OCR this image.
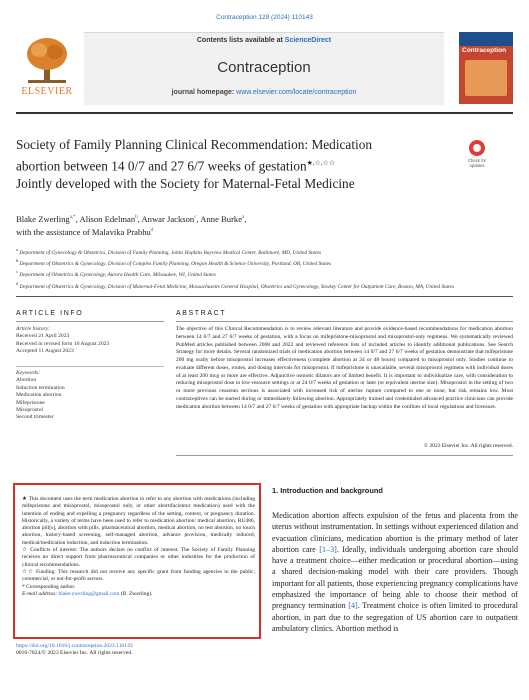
Contraception 129 (2024) 110143
ELSEVIER
Contents lists available at ScienceDirect
Contraception
journal homepage: www.elsevier.com/locate/contraception
Contraception
Society of Family Planning Clinical Recommendation: Medication
abortion between 14 0/7 and 27 6/7 weeks of gestation★,☆,☆☆
Jointly developed with the Society for Maternal-Fetal Medicine
Check for updates
Blake Zwerling$^{a,*}$, Alison Edelman$^b$, Anwar Jackson$^c$, Anne Burke$^a$,
with the assistance of Malavika Prabhu$^d$
$^a$ Department of Gynecology & Obstetrics, Division of Family Planning, Johns Hopkins Bayview Medical Center, Baltimore, MD, United States
$^b$ Department of Obstetrics & Gynecology, Division of Complex Family Planning, Oregon Health & Science University, Portland, OR, United States
$^c$ Department of Obstetrics & Gynecology, Aurora Health Care, Milwaukee, WI, United States
$^d$ Department of Obstetrics & Gynecology, Division of Maternal-Fetal Medicine, Massachusetts General Hospital, Obstetrics and Gynecology, Yawkey Center for Outpatient Care, Boston, MA, United States
ARTICLE INFO	ABSTRACT
Article history:
Received 21 April 2023
Received in revised form 10 August 2023
Accepted 11 August 2023
Keywords:
Abortion
Induction termination
Medication abortion
Mifepristone
Misoprostol
Second trimester
The objective of this Clinical Recommendation is to review relevant literature and provide evidence-based recommendations for medication abortion between 14 0/7 and 27 6/7 weeks of gestation, with a focus on mifepristone-misoprostol and misoprostol-only regimens. We systematically reviewed PubMed articles published between 2008 and 2022 and reviewed reference lists of included articles to identify additional publications. See Search Strategy for more details. Several randomized trials of medication abortion between 14 0/7 and 27 6/7 weeks of gestation demonstrate that mifepristone 200 mg orally before misoprostol increases effectiveness (complete abortion at 24 or 48 hours) compared to misoprostol only. Studies continue to evaluate different doses, routes, and dosing intervals for misoprostol. If mifepristone is unavailable, several misoprostol regimens with individual doses of at least 200 mcg or more are effective. Adjunctive osmotic dilators are of limited benefit. It is important to individualize care, with consideration to reducing misoprostol dose in low-resource settings or at 24 0/7 weeks of gestation or later (or equivalent uterine size). Misoprostol in the setting of two or more previous cesarean sections is associated with increased risk of uterine rupture compared to one or none, but risk remains low. Most contraceptives can be started during or immediately following abortion. Appropriately trained and credentialed advanced practice clinicians can provide medication abortion between 14 0/7 and 27 6/7 weeks of gestation with appropriate backup within the confines of local regulations and licensure.
© 2023 Elsevier Inc. All rights reserved.

★ This document uses the term medication abortion to refer to any abortion with medications (including mifepristone and misoprostol, misoprostol only, or other abortifacientor medication) used with the intention of ending and expelling a pregnancy regardless of the setting, context, or pregnancy duration. Historically, a variety of terms have been used to refer to medication abortion: medical abortion, RU486, abortion pill[s], abortion with pills, pharmaceutical abortion, medical abortion, no test abortion, no touch abortion, history-based screening, self-managed abortion, advance provision, medically induced, medical/medication induction, and induction termination.

☆ Conflicts of interest: The authors declare no conflict of interest. The Society of Family Planning receives no direct support from pharmaceutical companies or other industries for the production of clinical recommendations.

☆☆ Funding: This research did not receive any specific grant from funding agencies in the public, commercial, or not-for-profit sectors.

* Corresponding author.

E-mail address: blake.zwerling@gmail.com (B. Zwerling).

https://doi.org/10.1016/j.contraception.2023.110143
0010-7824/© 2023 Elsevier Inc. All rights reserved.
1. Introduction and background
Medication abortion affects expulsion of the fetus and placenta from the uterus without instrumentation. In settings without experienced dilation and evacuation clinicians, medication abortion is the primary method of later abortion care [1–3]. Ideally, individuals undergoing abortion care should have a treatment choice—either medication or procedural abortion—using a shared decision-making model with their care providers. Though important for all patients, those experiencing pregnancy complications have emphasized the importance of being able to choose their method of pregnancy termination [4]. Treatment choice is often limited to procedural abortion, in part due to the segregation of US abortion care to outpatient ambulatory clinics. Abortion method is
